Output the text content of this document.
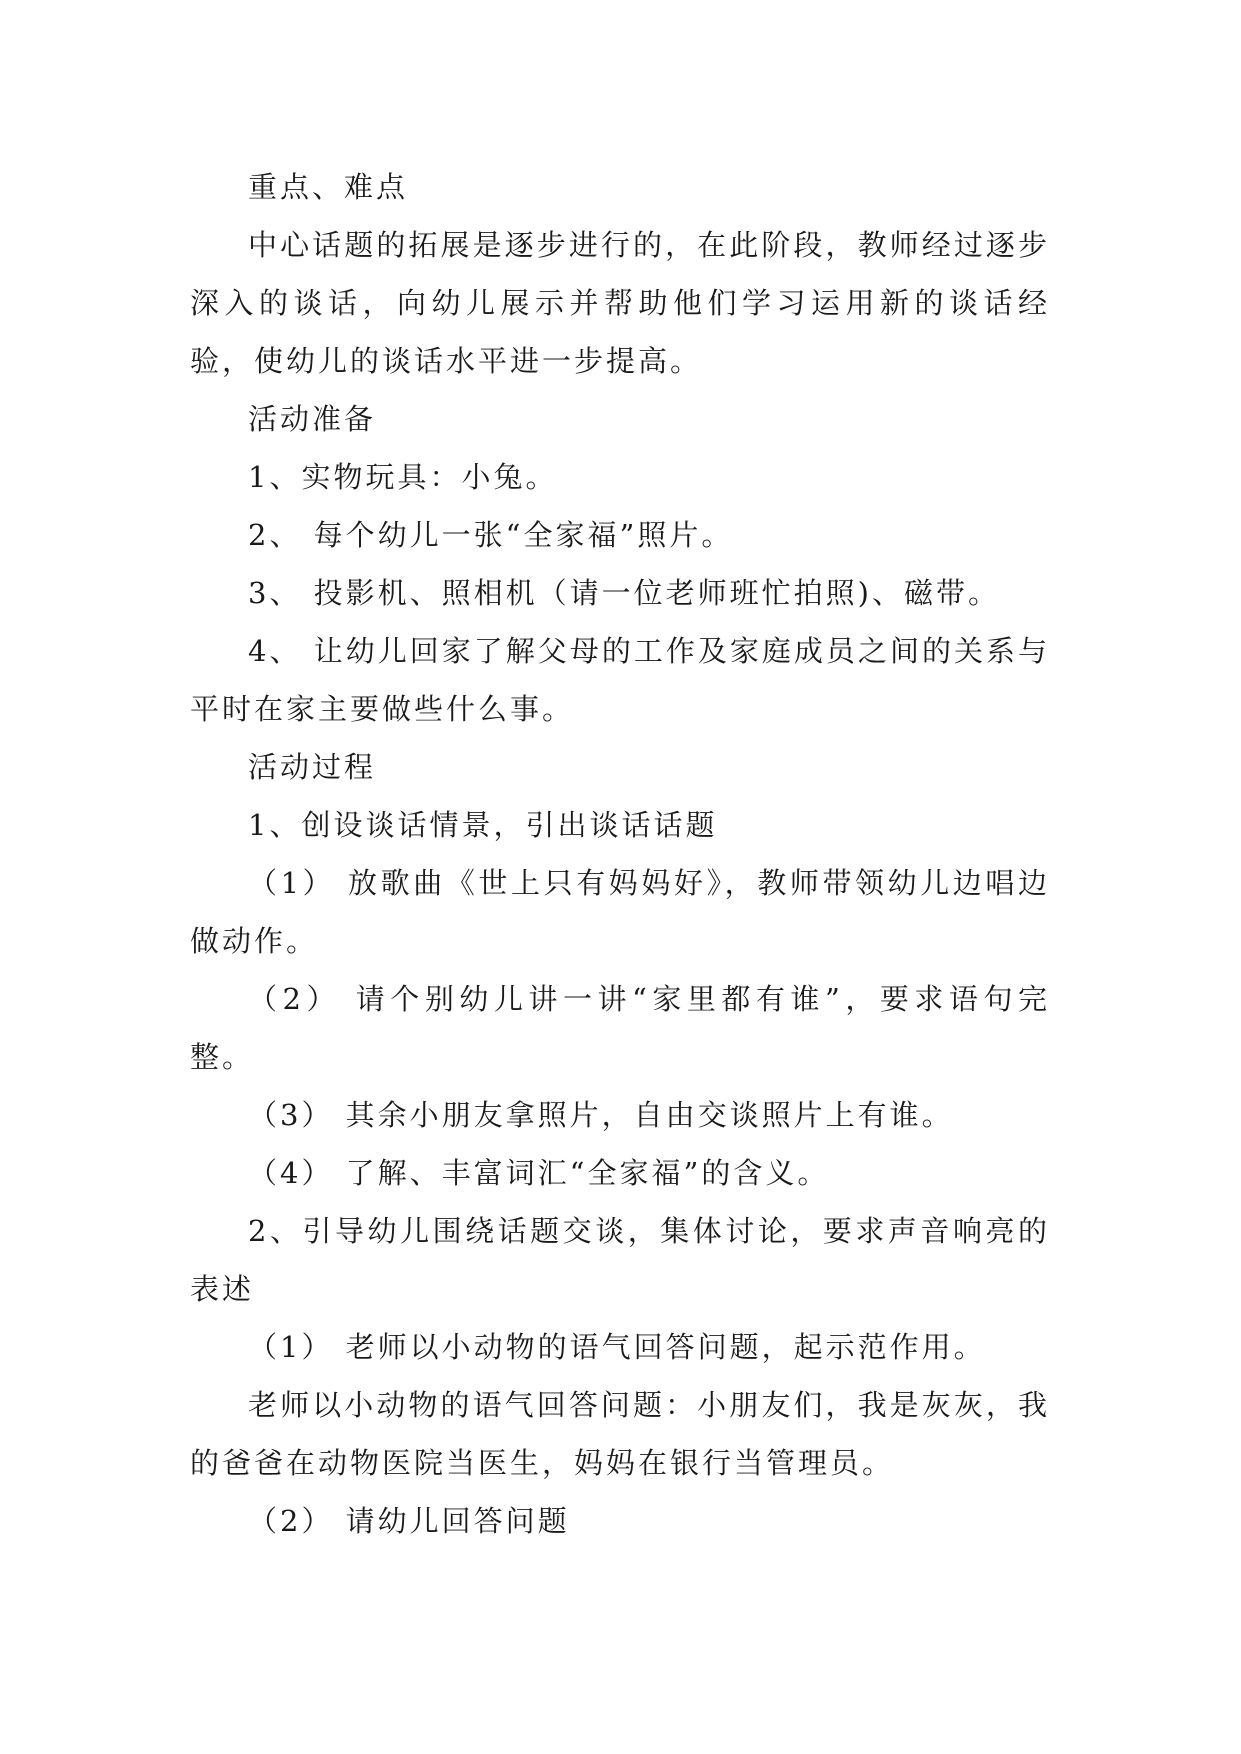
重点、难点

中心话题的拓展是逐步进行的，在此阶段，教师经过逐步深入的谈话，向幼儿展示并帮助他们学习运用新的谈话经验，使幼儿的谈话水平进一步提高。

活动准备

1、实物玩具：小兔。

2、 每个幼儿一张“全家福”照片。

3、 投影机、照相机（请一位老师班忙拍照)、磁带。

4、 让幼儿回家了解父母的工作及家庭成员之间的关系与平时在家主要做些什么事。

活动过程

1、创设谈话情景，引出谈话话题

（1） 放歌曲《世上只有妈妈好》，教师带领幼儿边唱边做动作。

（2） 请个别幼儿讲一讲“家里都有谁”，要求语句完整。

（3） 其余小朋友拿照片，自由交谈照片上有谁。

（4） 了解、丰富词汇“全家福”的含义。

2、引导幼儿围绕话题交谈，集体讨论，要求声音响亮的表述

（1） 老师以小动物的语气回答问题，起示范作用。

老师以小动物的语气回答问题：小朋友们，我是灰灰，我的爸爸在动物医院当医生，妈妈在银行当管理员。

（2） 请幼儿回答问题
